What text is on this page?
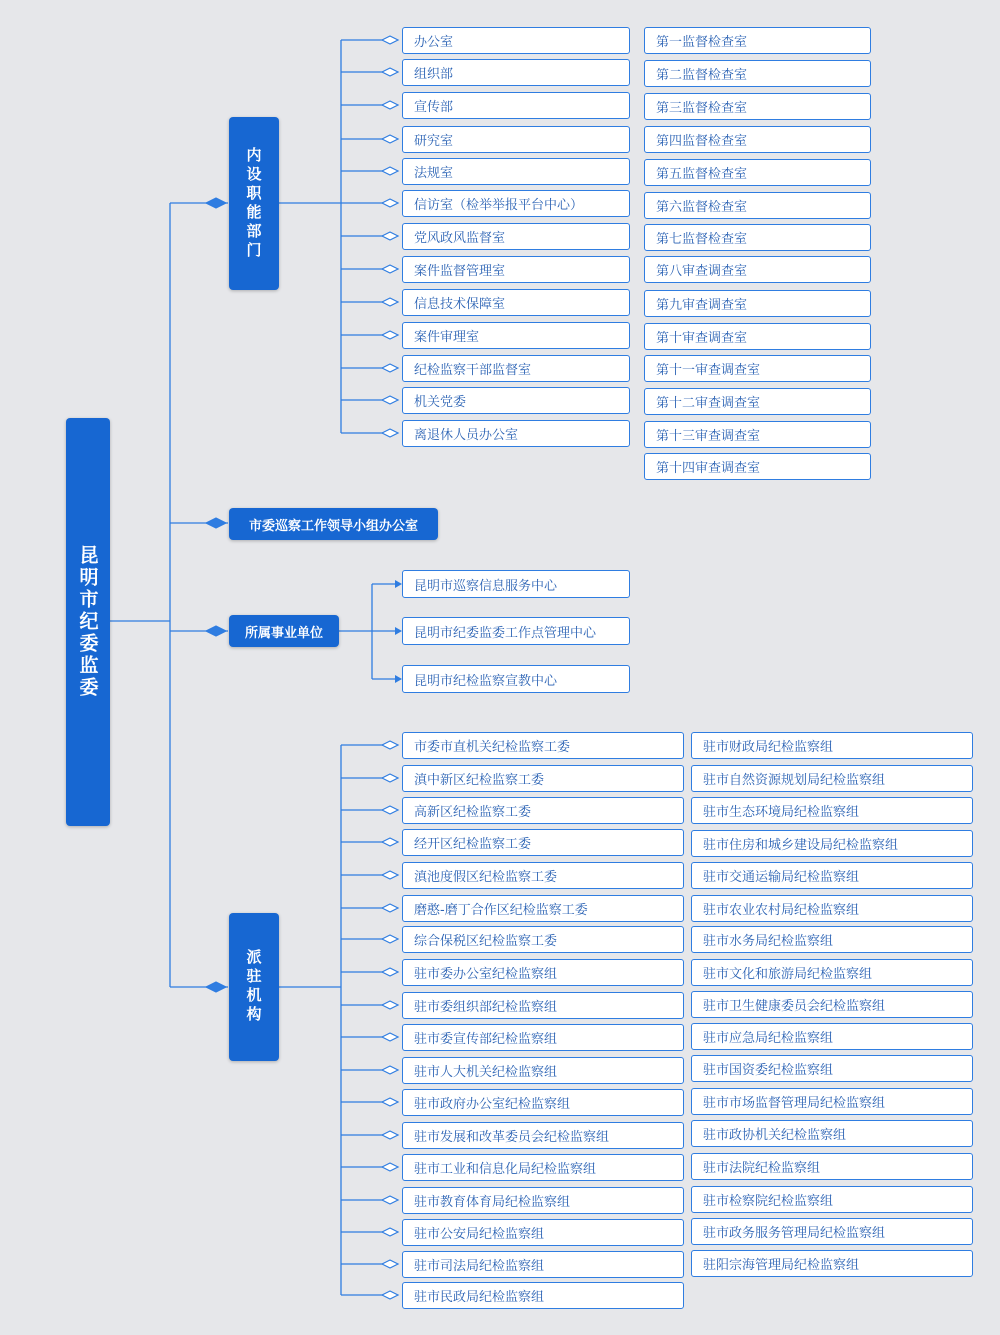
昆明市纪委监委
内设职能部门
市委巡察工作领导小组办公室
所属事业单位
派驻机构
办公室
组织部
宣传部
研究室
法规室
信访室（检举举报平台中心）
党风政风监督室
案件监督管理室
信息技术保障室
案件审理室
纪检监察干部监督室
机关党委
离退休人员办公室
第一监督检查室
第二监督检查室
第三监督检查室
第四监督检查室
第五监督检查室
第六监督检查室
第七监督检查室
第八审查调查室
第九审查调查室
第十审查调查室
第十一审查调查室
第十二审查调查室
第十三审查调查室
第十四审查调查室
昆明市巡察信息服务中心
昆明市纪委监委工作点管理中心
昆明市纪检监察宣教中心
市委市直机关纪检监察工委
滇中新区纪检监察工委
高新区纪检监察工委
经开区纪检监察工委
滇池度假区纪检监察工委
磨憨-磨丁合作区纪检监察工委
综合保税区纪检监察工委
驻市委办公室纪检监察组
驻市委组织部纪检监察组
驻市委宣传部纪检监察组
驻市人大机关纪检监察组
驻市政府办公室纪检监察组
驻市发展和改革委员会纪检监察组
驻市工业和信息化局纪检监察组
驻市教育体育局纪检监察组
驻市公安局纪检监察组
驻市司法局纪检监察组
驻市民政局纪检监察组
驻市财政局纪检监察组
驻市自然资源规划局纪检监察组
驻市生态环境局纪检监察组
驻市住房和城乡建设局纪检监察组
驻市交通运输局纪检监察组
驻市农业农村局纪检监察组
驻市水务局纪检监察组
驻市文化和旅游局纪检监察组
驻市卫生健康委员会纪检监察组
驻市应急局纪检监察组
驻市国资委纪检监察组
驻市市场监督管理局纪检监察组
驻市政协机关纪检监察组
驻市法院纪检监察组
驻市检察院纪检监察组
驻市政务服务管理局纪检监察组
驻阳宗海管理局纪检监察组
